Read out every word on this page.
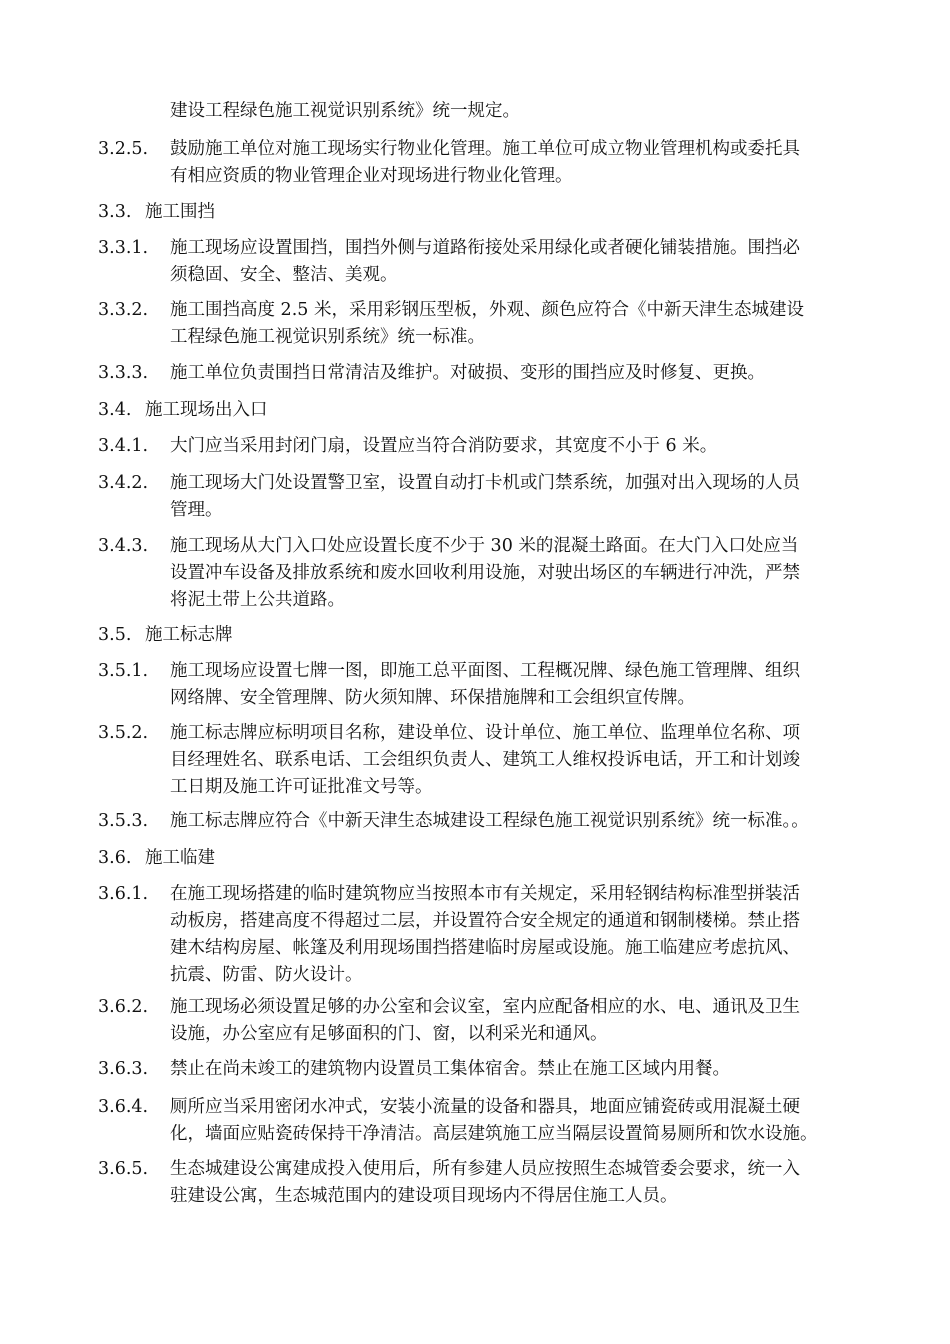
建设工程绿色施工视觉识别系统》统一规定。
3.2.5. 鼓励施工单位对施工现场实行物业化管理。施工单位可成立物业管理机构或委托具
有相应资质的物业管理企业对现场进行物业化管理。
3.3. 施工围挡
3.3.1. 施工现场应设置围挡，围挡外侧与道路衔接处采用绿化或者硬化铺装措施。围挡必
须稳固、安全、整洁、美观。
3.3.2. 施工围挡高度 2.5 米，采用彩钢压型板，外观、颜色应符合《中新天津生态城建设
工程绿色施工视觉识别系统》统一标准。
3.3.3. 施工单位负责围挡日常清洁及维护。对破损、变形的围挡应及时修复、更换。
3.4. 施工现场出入口
3.4.1. 大门应当采用封闭门扇，设置应当符合消防要求，其宽度不小于 6 米。
3.4.2. 施工现场大门处设置警卫室，设置自动打卡机或门禁系统，加强对出入现场的人员
管理。
3.4.3. 施工现场从大门入口处应设置长度不少于 30 米的混凝土路面。在大门入口处应当
设置冲车设备及排放系统和废水回收利用设施，对驶出场区的车辆进行冲洗，严禁
将泥土带上公共道路。
3.5. 施工标志牌
3.5.1. 施工现场应设置七牌一图，即施工总平面图、工程概况牌、绿色施工管理牌、组织
网络牌、安全管理牌、防火须知牌、环保措施牌和工会组织宣传牌。
3.5.2. 施工标志牌应标明项目名称，建设单位、设计单位、施工单位、监理单位名称、项
目经理姓名、联系电话、工会组织负责人、建筑工人维权投诉电话，开工和计划竣
工日期及施工许可证批准文号等。
3.5.3. 施工标志牌应符合《中新天津生态城建设工程绿色施工视觉识别系统》统一标准。。
3.6. 施工临建
3.6.1. 在施工现场搭建的临时建筑物应当按照本市有关规定，采用轻钢结构标准型拼装活
动板房，搭建高度不得超过二层，并设置符合安全规定的通道和钢制楼梯。禁止搭
建木结构房屋、帐篷及利用现场围挡搭建临时房屋或设施。施工临建应考虑抗风、
抗震、防雷、防火设计。
3.6.2. 施工现场必须设置足够的办公室和会议室，室内应配备相应的水、电、通讯及卫生
设施，办公室应有足够面积的门、窗，以利采光和通风。
3.6.3. 禁止在尚未竣工的建筑物内设置员工集体宿舍。禁止在施工区域内用餐。
3.6.4. 厕所应当采用密闭水冲式，安装小流量的设备和器具，地面应铺瓷砖或用混凝土硬
化，墙面应贴瓷砖保持干净清洁。高层建筑施工应当隔层设置简易厕所和饮水设施。
3.6.5. 生态城建设公寓建成投入使用后，所有参建人员应按照生态城管委会要求，统一入
驻建设公寓，生态城范围内的建设项目现场内不得居住施工人员。
